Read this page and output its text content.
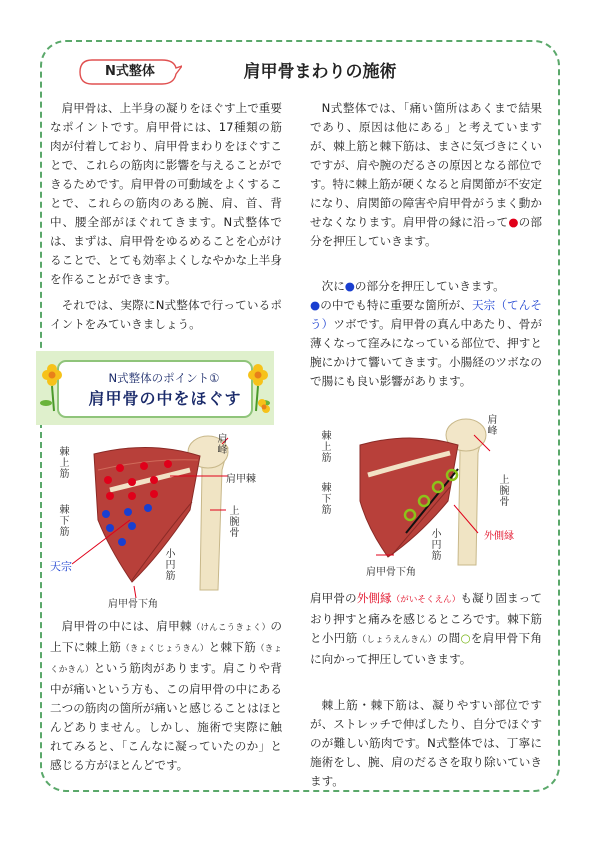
N式整体	肩甲骨まわりの施術

肩甲骨は、上半身の凝りをほぐす上で重要なポイントです。肩甲骨には、17種類の筋肉が付着しており、肩甲骨まわりをほぐすことで、これらの筋肉に影響を与えることができるためです。肩甲骨の可動域をよくすることで、これらの筋肉のある腕、肩、首、背中、腰全部がほぐれてきます。N式整体では、まずは、肩甲骨をゆるめることを心がけることで、とても効率よくしなやかな上半身を作ることができます。

それでは、実際にN式整体で行っているポイントをみていきましょう。

N式整体のポイント①
肩甲骨の中をほぐす
棘上筋
棘下筋
肩峰
肩甲棘
上腕骨
小円筋
天宗
肩甲骨下角

肩甲骨の中には、肩甲棘（けんこうきょく）の上下に棘上筋（きょくじょうきん）と棘下筋（きょくかきん）という筋肉があります。肩こりや背中が痛いという方も、この肩甲骨の中にある二つの筋肉の箇所が痛いと感じることはほとんどありません。しかし、施術で実際に触れてみると、「こんなに凝っていたのか」と感じる方がほとんどです。

N式整体では、「痛い箇所はあくまで結果であり、原因は他にある」と考えていますが、棘上筋と棘下筋は、まさに気づきにくいですが、肩や腕のだるさの原因となる部位です。特に棘上筋が硬くなると肩関節が不安定になり、肩関節の障害や肩甲骨がうまく動かせなくなります。肩甲骨の縁に沿って●の部分を押圧していきます。

次に●の部分を押圧していきます。
●の中でも特に重要な箇所が、天宗（てんそう）ツボです。肩甲骨の真ん中あたり、骨が薄くなって窪みになっている部位で、押すと腕にかけて響いてきます。小腸経のツボなので腸にも良い影響があります。

棘上筋
棘下筋
肩峰
上腕骨
小円筋	外側縁
肩甲骨下角

肩甲骨の外側縁（がいそくえん）も凝り固まっており押すと痛みを感じるところです。棘下筋と小円筋（しょうえんきん）の間○を肩甲骨下角に向かって押圧していきます。

棘上筋・棘下筋は、凝りやすい部位ですが、ストレッチで伸ばしたり、自分でほぐすのが難しい筋肉です。N式整体では、丁寧に施術をし、腕、肩のだるさを取り除いていきます。
